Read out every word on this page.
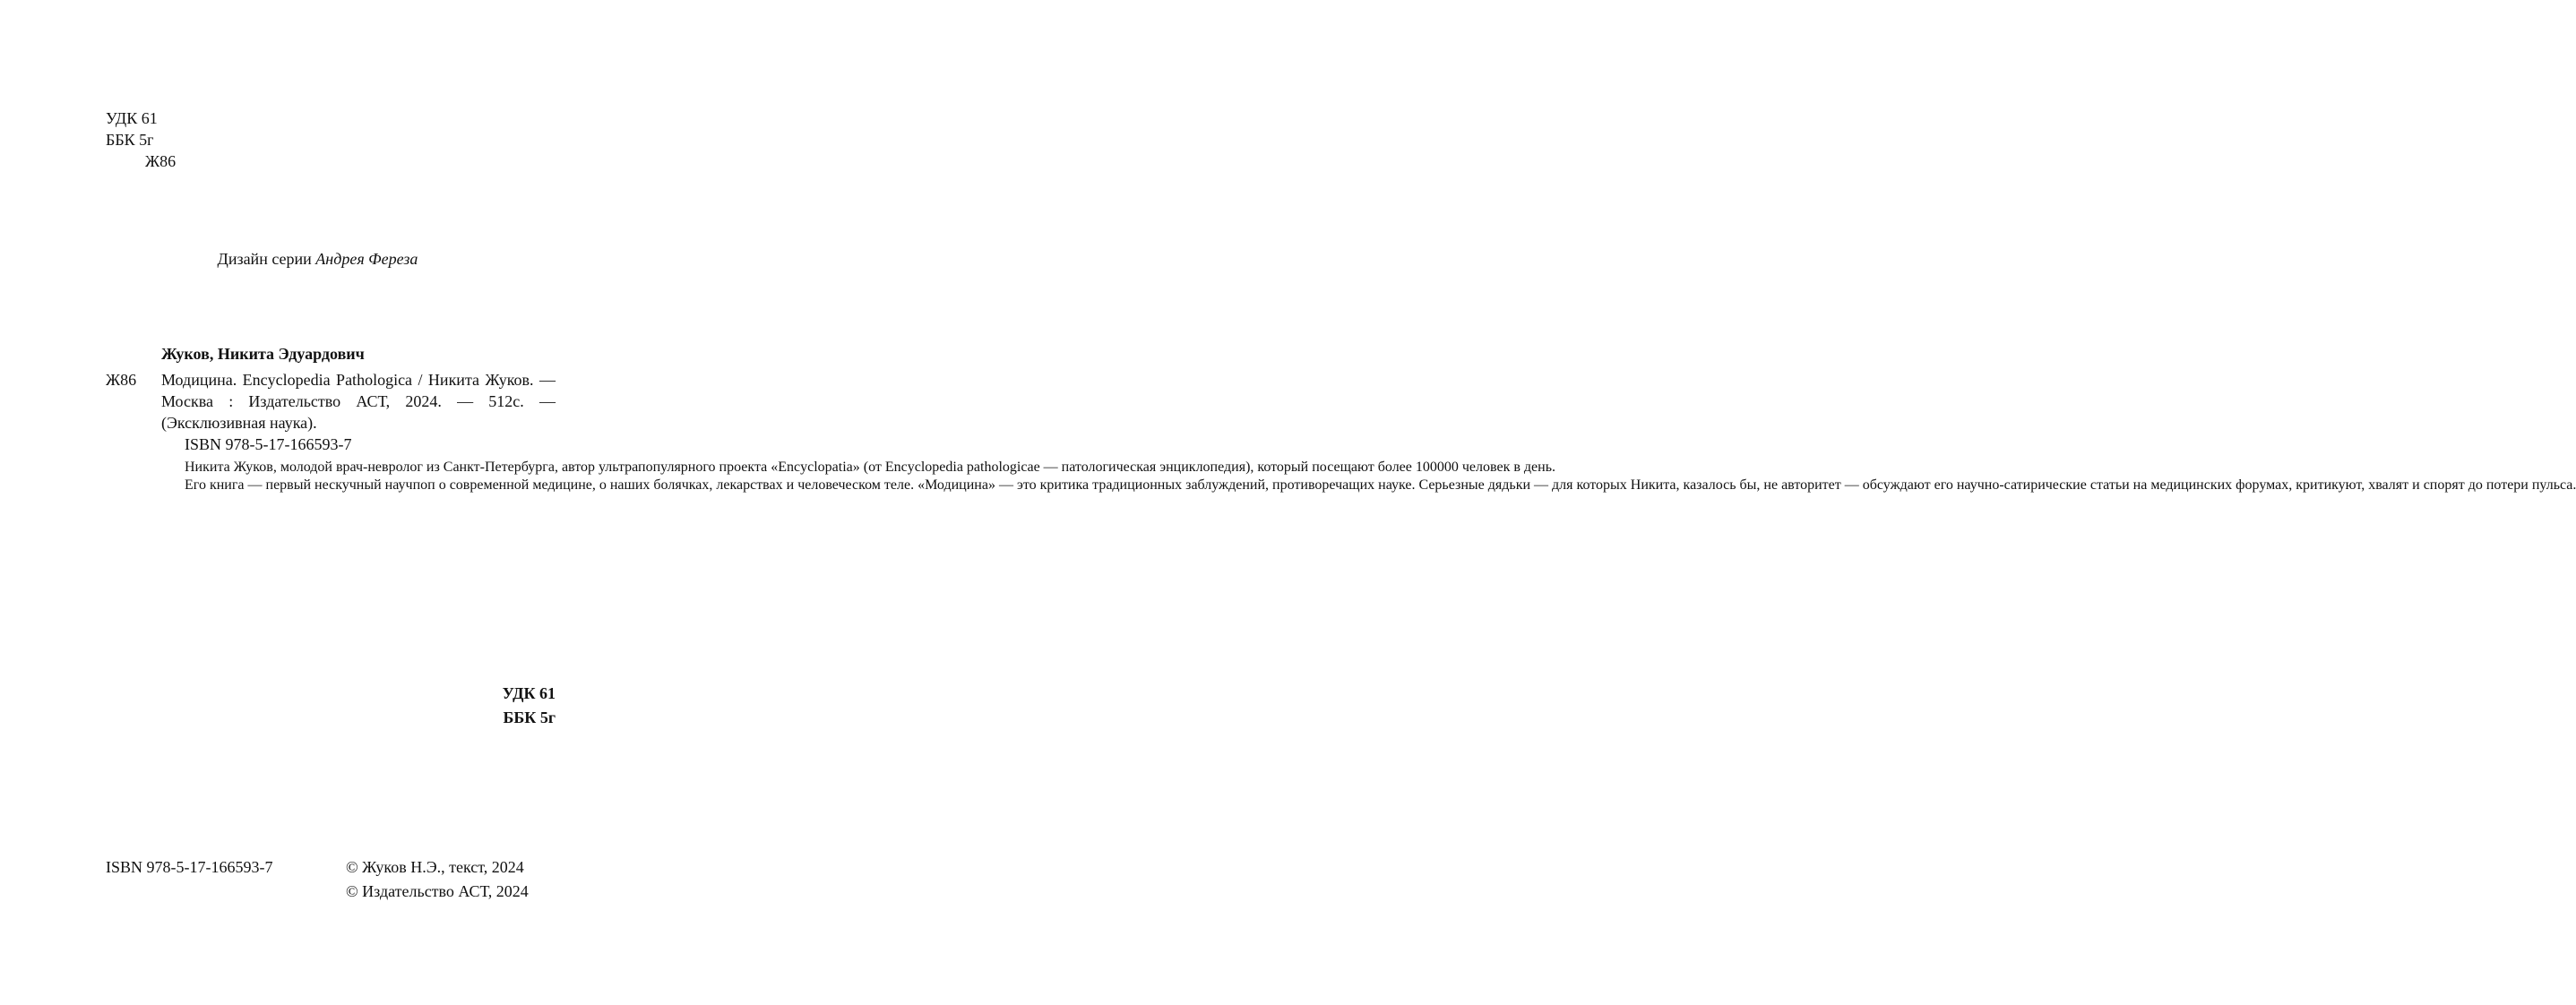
УДК 61
ББК 5г
Ж86
Дизайн серии Андрея Фереза
Жуков, Никита Эдуардович
Ж86 Модицина. Encyclopedia Pathologica / Никита Жуков. — Москва : Издательство АСТ, 2024. — 512с. — (Эксклюзивная наука).
ISBN 978-5-17-166593-7

Никита Жуков, молодой врач-невролог из Санкт-Петербурга, автор ультрапопулярного проекта «Encyclopatia» (от Encyclopedia pathologicae — патологическая энциклопедия), который посещают более 100000 человек в день.

Его книга — первый нескучный научпоп о современной медицине, о наших болячках, лекарствах и человеческом теле. «Модицина» — это критика традиционных заблуждений, противоречащих науке. Серьезные дядьки — для которых Никита, казалось бы, не авторитет — обсуждают его научно-сатирические статьи на медицинских форумах, критикуют, хвалят и спорят до потери пульса.

УДК 61
ББК 5г
ISBN 978-5-17-166593-7	© Жуков Н.Э., текст, 2024
© Издательство АСТ, 2024
